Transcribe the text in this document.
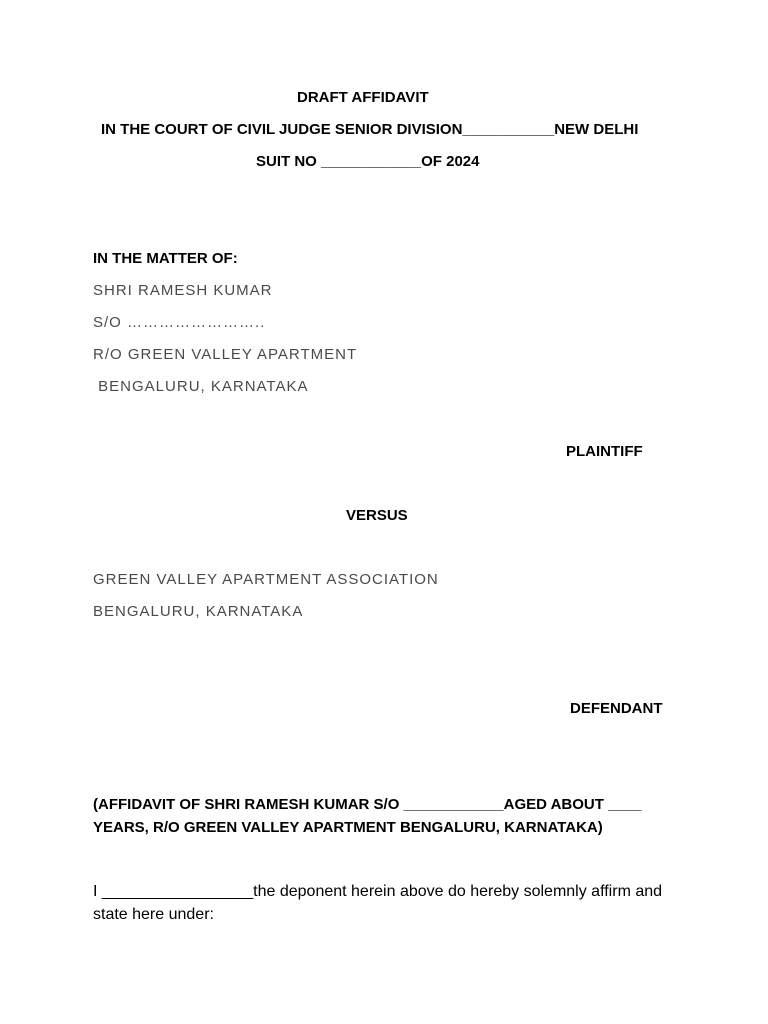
DRAFT AFFIDAVIT
IN THE COURT OF CIVIL JUDGE SENIOR DIVISION___________NEW DELHI
SUIT NO ____________OF 2024
IN THE MATTER OF:
SHRI RAMESH KUMAR
S/O ……………………..
R/O GREEN VALLEY APARTMENT
BENGALURU, KARNATAKA
PLAINTIFF
VERSUS
GREEN VALLEY APARTMENT ASSOCIATION
BENGALURU, KARNATAKA
DEFENDANT
(AFFIDAVIT OF SHRI RAMESH KUMAR S/O ____________AGED ABOUT ____
YEARS, R/O GREEN VALLEY APARTMENT BENGALURU, KARNATAKA)
I _________________the deponent herein above do hereby solemnly affirm and
state here under:
